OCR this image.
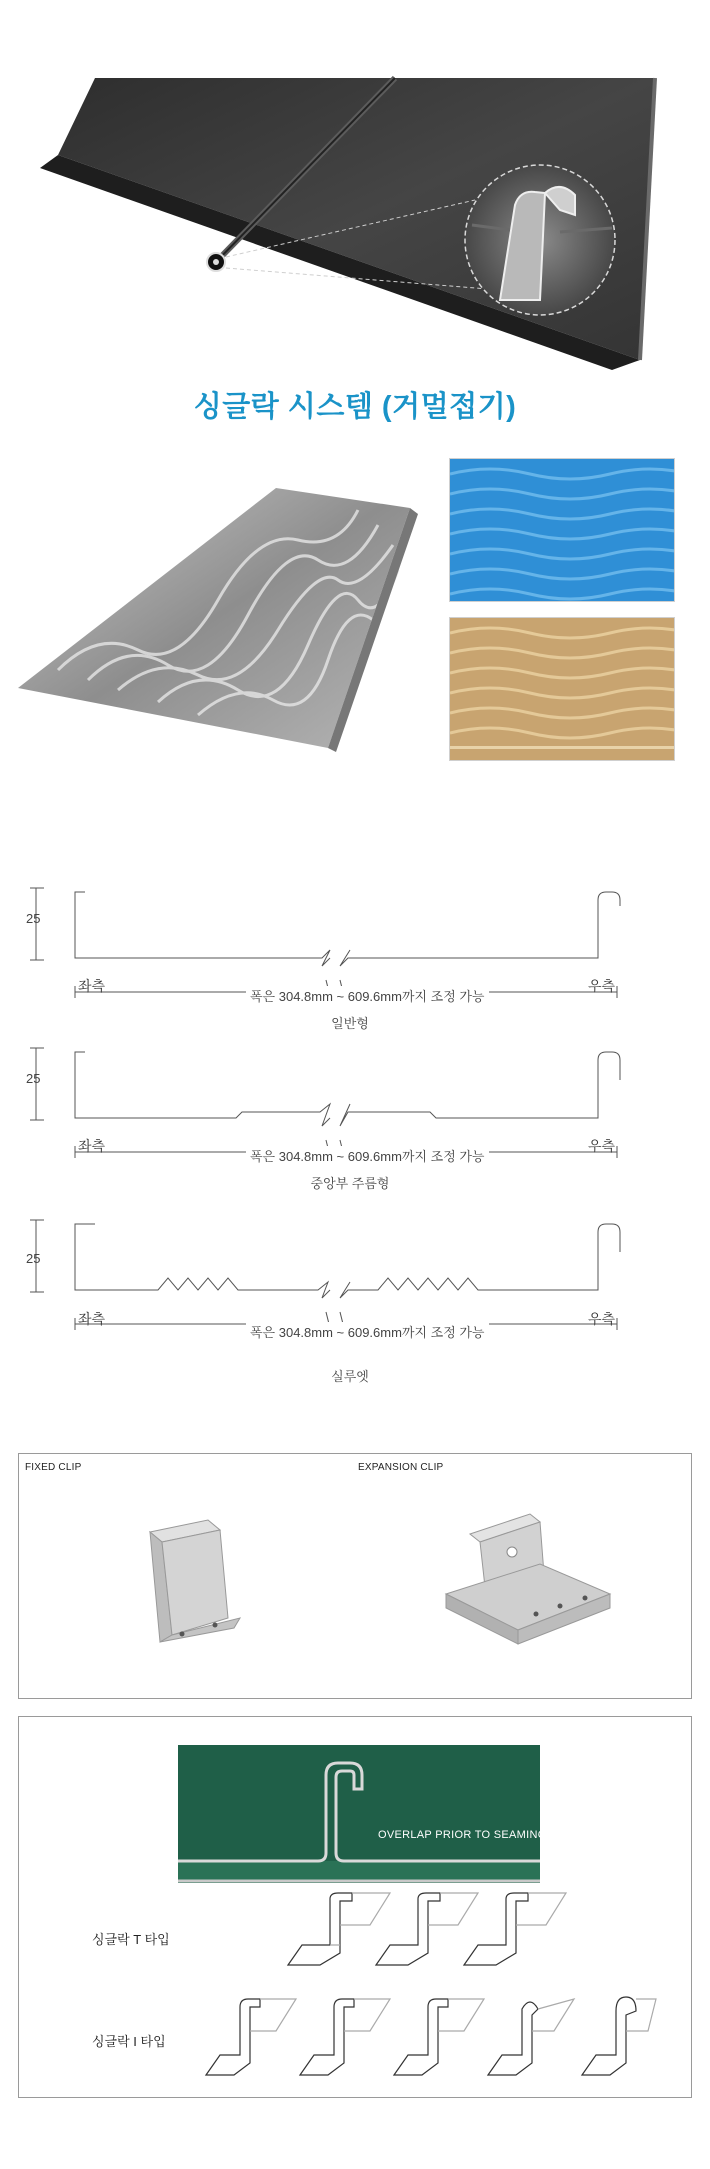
싱글락 시스템 (거멀접기)
25
좌측	우측
폭은 304.8mm ~ 609.6mm까지 조정 가능
일반형
25
좌측	우측
폭은 304.8mm ~ 609.6mm까지 조정 가능
중앙부 주름형
25
좌측	우측
폭은 304.8mm ~ 609.6mm까지 조정 가능
실루엣
FIXED CLIP	EXPANSION CLIP
OVERLAP PRIOR TO SEAMING
싱글락 T 타입
싱글락 I 타입
